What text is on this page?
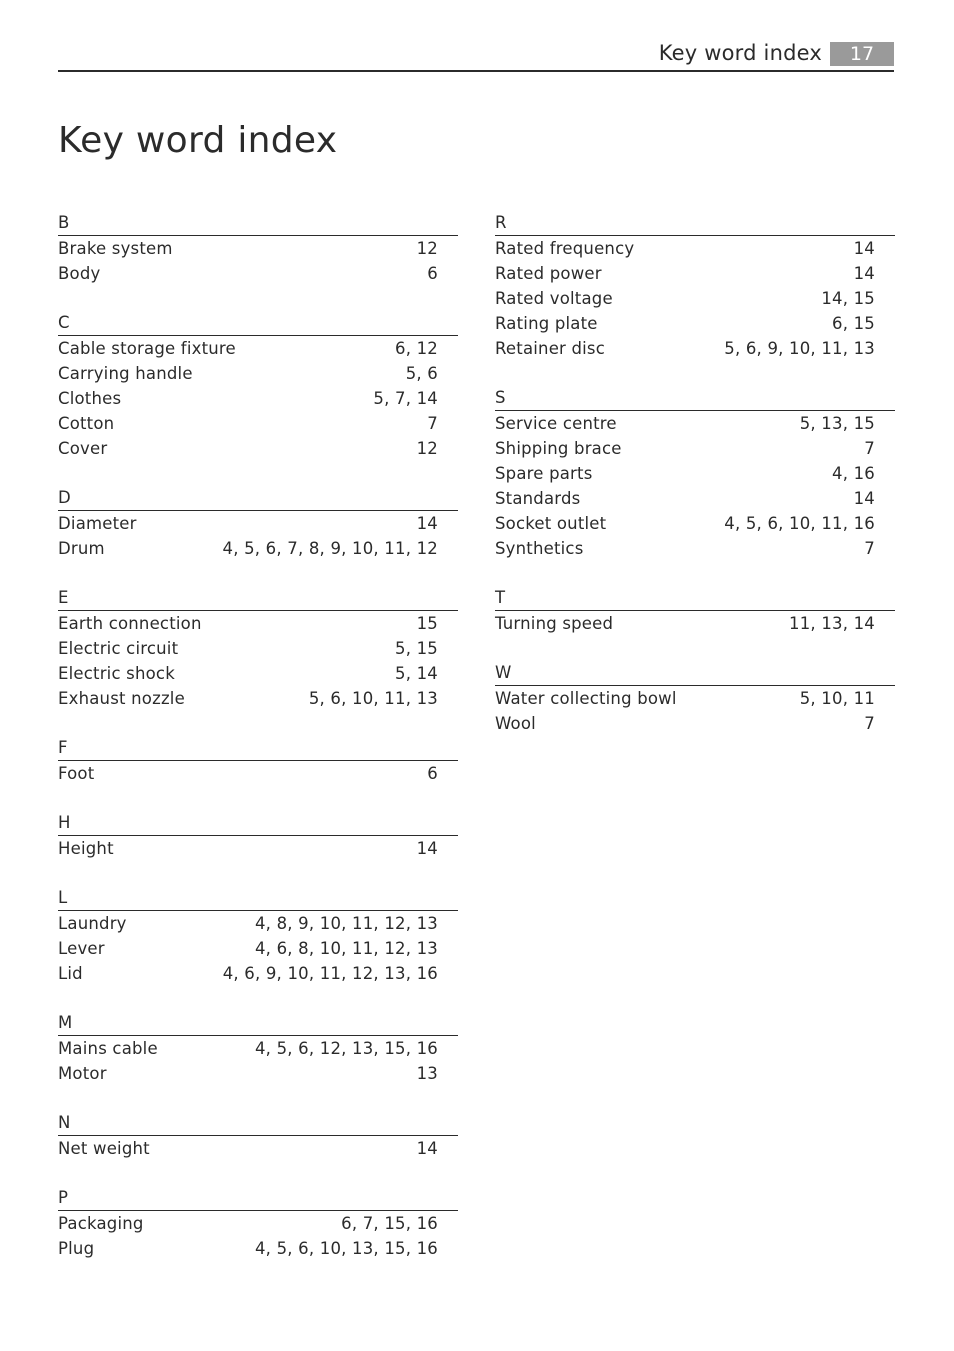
Key word index	17
Key word index
B
Brake system	12
Body	6
C
Cable storage fixture	6, 12
Carrying handle	5, 6
Clothes	5, 7, 14
Cotton	7
Cover	12
D
Diameter	14
Drum	4, 5, 6, 7, 8, 9, 10, 11, 12
E
Earth connection	15
Electric circuit	5, 15
Electric shock	5, 14
Exhaust nozzle	5, 6, 10, 11, 13
F
Foot	6
H
Height	14
L
Laundry	4, 8, 9, 10, 11, 12, 13
Lever	4, 6, 8, 10, 11, 12, 13
Lid	4, 6, 9, 10, 11, 12, 13, 16
M
Mains cable	4, 5, 6, 12, 13, 15, 16
Motor	13
N
Net weight	14
P
Packaging	6, 7, 15, 16
Plug	4, 5, 6, 10, 13, 15, 16
R
Rated frequency	14
Rated power	14
Rated voltage	14, 15
Rating plate	6, 15
Retainer disc	5, 6, 9, 10, 11, 13
S
Service centre	5, 13, 15
Shipping brace	7
Spare parts	4, 16
Standards	14
Socket outlet	4, 5, 6, 10, 11, 16
Synthetics	7
T
Turning speed	11, 13, 14
W
Water collecting bowl	5, 10, 11
Wool	7
